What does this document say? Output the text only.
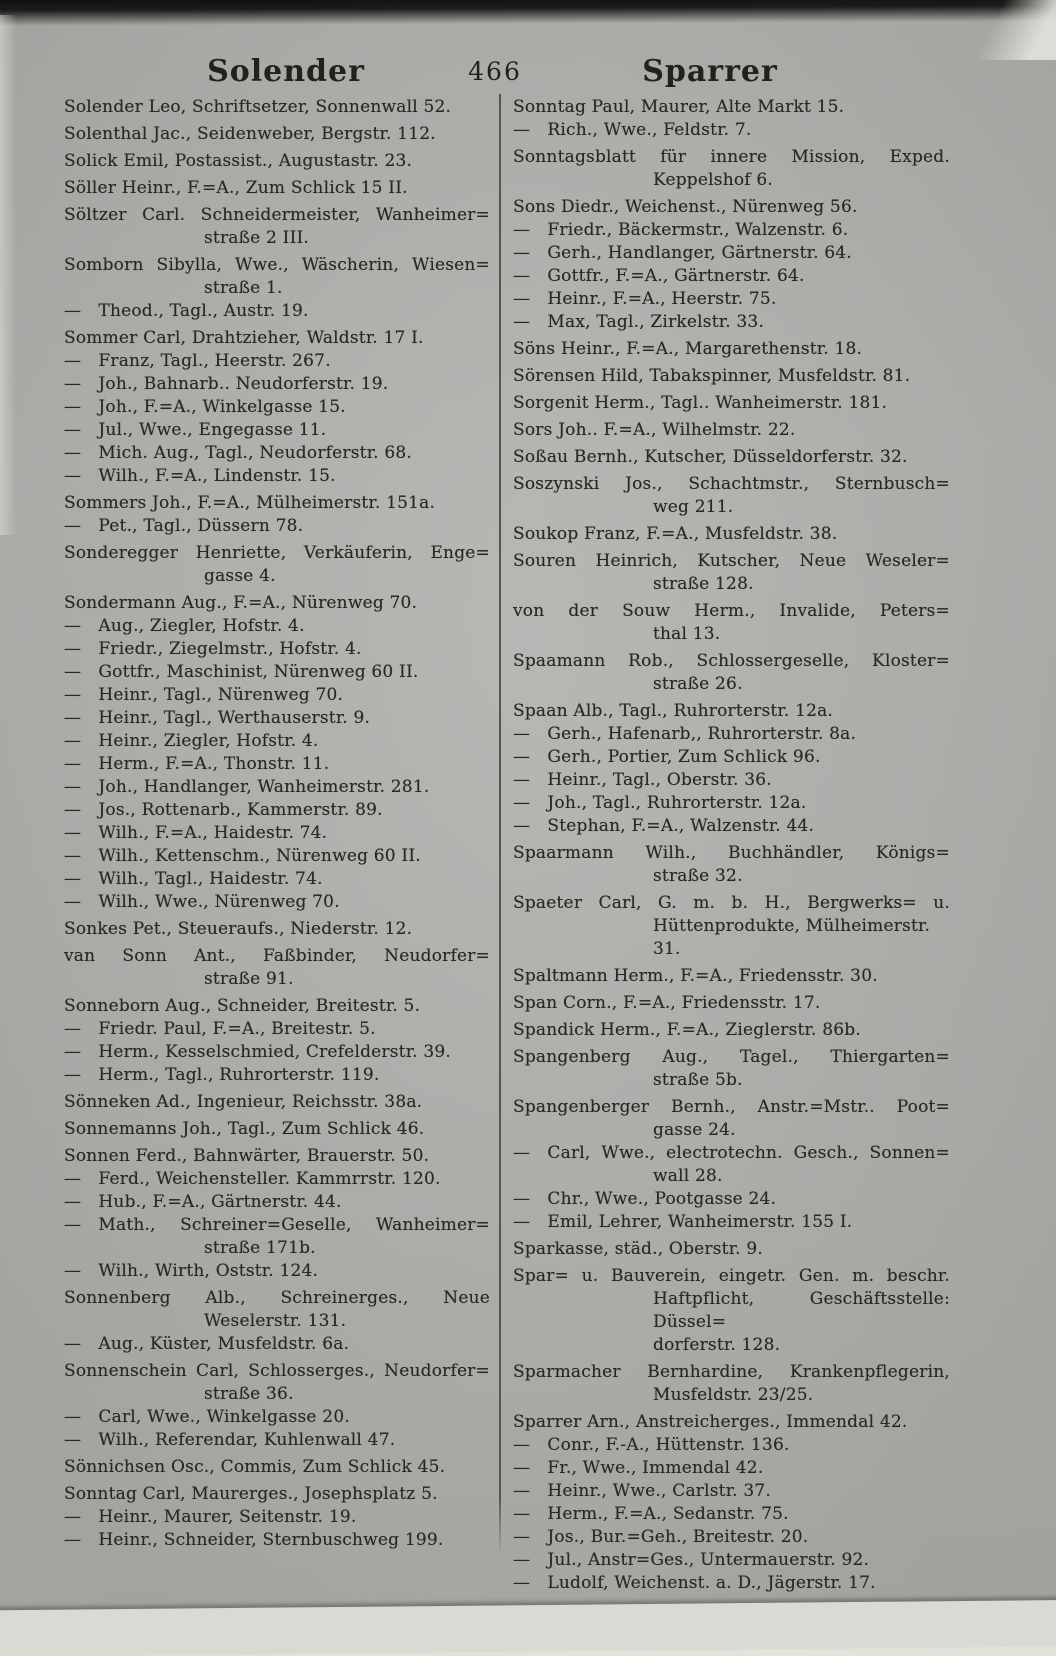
Solender	466	Sparrer
Solender Leo, Schriftsetzer, Sonnenwall 52.
Solenthal Jac., Seidenweber, Bergstr. 112.
Solick Emil, Postassist., Augustastr. 23.
Söller Heinr., F.=A., Zum Schlick 15 II.
Söltzer Carl. Schneidermeister, Wanheimer=
straße 2 III.
Somborn Sibylla, Wwe., Wäscherin, Wiesen=
straße 1.
— Theod., Tagl., Austr. 19.
Sommer Carl, Drahtzieher, Waldstr. 17 I.
— Franz, Tagl., Heerstr. 267.
— Joh., Bahnarb.. Neudorferstr. 19.
— Joh., F.=A., Winkelgasse 15.
— Jul., Wwe., Engegasse 11.
— Mich. Aug., Tagl., Neudorferstr. 68.
— Wilh., F.=A., Lindenstr. 15.
Sommers Joh., F.=A., Mülheimerstr. 151a.
— Pet., Tagl., Düssern 78.
Sonderegger Henriette, Verkäuferin, Enge=
gasse 4.
Sondermann Aug., F.=A., Nürenweg 70.
— Aug., Ziegler, Hofstr. 4.
— Friedr., Ziegelmstr., Hofstr. 4.
— Gottfr., Maschinist, Nürenweg 60 II.
— Heinr., Tagl., Nürenweg 70.
— Heinr., Tagl., Werthauserstr. 9.
— Heinr., Ziegler, Hofstr. 4.
— Herm., F.=A., Thonstr. 11.
— Joh., Handlanger, Wanheimerstr. 281.
— Jos., Rottenarb., Kammerstr. 89.
— Wilh., F.=A., Haidestr. 74.
— Wilh., Kettenschm., Nürenweg 60 II.
— Wilh., Tagl., Haidestr. 74.
— Wilh., Wwe., Nürenweg 70.
Sonkes Pet., Steueraufs., Niederstr. 12.
van Sonn Ant., Faßbinder, Neudorfer=
straße 91.
Sonneborn Aug., Schneider, Breitestr. 5.
— Friedr. Paul, F.=A., Breitestr. 5.
— Herm., Kesselschmied, Crefelderstr. 39.
— Herm., Tagl., Ruhrorterstr. 119.
Sönneken Ad., Ingenieur, Reichsstr. 38a.
Sonnemanns Joh., Tagl., Zum Schlick 46.
Sonnen Ferd., Bahnwärter, Brauerstr. 50.
— Ferd., Weichensteller. Kammrrstr. 120.
— Hub., F.=A., Gärtnerstr. 44.
— Math., Schreiner=Geselle, Wanheimer=
straße 171b.
— Wilh., Wirth, Oststr. 124.
Sonnenberg Alb., Schreinerges., Neue
Weselerstr. 131.
— Aug., Küster, Musfeldstr. 6a.
Sonnenschein Carl, Schlosserges., Neudorfer=
straße 36.
— Carl, Wwe., Winkelgasse 20.
— Wilh., Referendar, Kuhlenwall 47.
Sönnichsen Osc., Commis, Zum Schlick 45.
Sonntag Carl, Maurerges., Josephsplatz 5.
— Heinr., Maurer, Seitenstr. 19.
— Heinr., Schneider, Sternbuschweg 199.
Sonntag Paul, Maurer, Alte Markt 15.
— Rich., Wwe., Feldstr. 7.
Sonntagsblatt für innere Mission, Exped.
Keppelshof 6.
Sons Diedr., Weichenst., Nürenweg 56.
— Friedr., Bäckermstr., Walzenstr. 6.
— Gerh., Handlanger, Gärtnerstr. 64.
— Gottfr., F.=A., Gärtnerstr. 64.
— Heinr., F.=A., Heerstr. 75.
— Max, Tagl., Zirkelstr. 33.
Söns Heinr., F.=A., Margarethenstr. 18.
Sörensen Hild, Tabakspinner, Musfeldstr. 81.
Sorgenit Herm., Tagl.. Wanheimerstr. 181.
Sors Joh.. F.=A., Wilhelmstr. 22.
Soßau Bernh., Kutscher, Düsseldorferstr. 32.
Soszynski Jos., Schachtmstr., Sternbusch=
weg 211.
Soukop Franz, F.=A., Musfeldstr. 38.
Souren Heinrich, Kutscher, Neue Weseler=
straße 128.
von der Souw Herm., Invalide, Peters=
thal 13.
Spaamann Rob., Schlossergeselle, Kloster=
straße 26.
Spaan Alb., Tagl., Ruhrorterstr. 12a.
— Gerh., Hafenarb,, Ruhrorterstr. 8a.
— Gerh., Portier, Zum Schlick 96.
— Heinr., Tagl., Oberstr. 36.
— Joh., Tagl., Ruhrorterstr. 12a.
— Stephan, F.=A., Walzenstr. 44.
Spaarmann Wilh., Buchhändler, Königs=
straße 32.
Spaeter Carl, G. m. b. H., Bergwerks= u.
Hüttenprodukte, Mülheimerstr. 31.
Spaltmann Herm., F.=A., Friedensstr. 30.
Span Corn., F.=A., Friedensstr. 17.
Spandick Herm., F.=A., Zieglerstr. 86b.
Spangenberg Aug., Tagel., Thiergarten=
straße 5b.
Spangenberger Bernh., Anstr.=Mstr.. Poot=
gasse 24.
— Carl, Wwe., electrotechn. Gesch., Sonnen=
wall 28.
— Chr., Wwe., Pootgasse 24.
— Emil, Lehrer, Wanheimerstr. 155 I.
Sparkasse, städ., Oberstr. 9.
Spar= u. Bauverein, eingetr. Gen. m. beschr.
Haftpflicht, Geschäftsstelle: Düssel=
dorferstr. 128.
Sparmacher Bernhardine, Krankenpflegerin,
Musfeldstr. 23/25.
Sparrer Arn., Anstreicherges., Immendal 42.
— Conr., F.-A., Hüttenstr. 136.
— Fr., Wwe., Immendal 42.
— Heinr., Wwe., Carlstr. 37.
— Herm., F.=A., Sedanstr. 75.
— Jos., Bur.=Geh., Breitestr. 20.
— Jul., Anstr=Ges., Untermauerstr. 92.
— Ludolf, Weichenst. a. D., Jägerstr. 17.
